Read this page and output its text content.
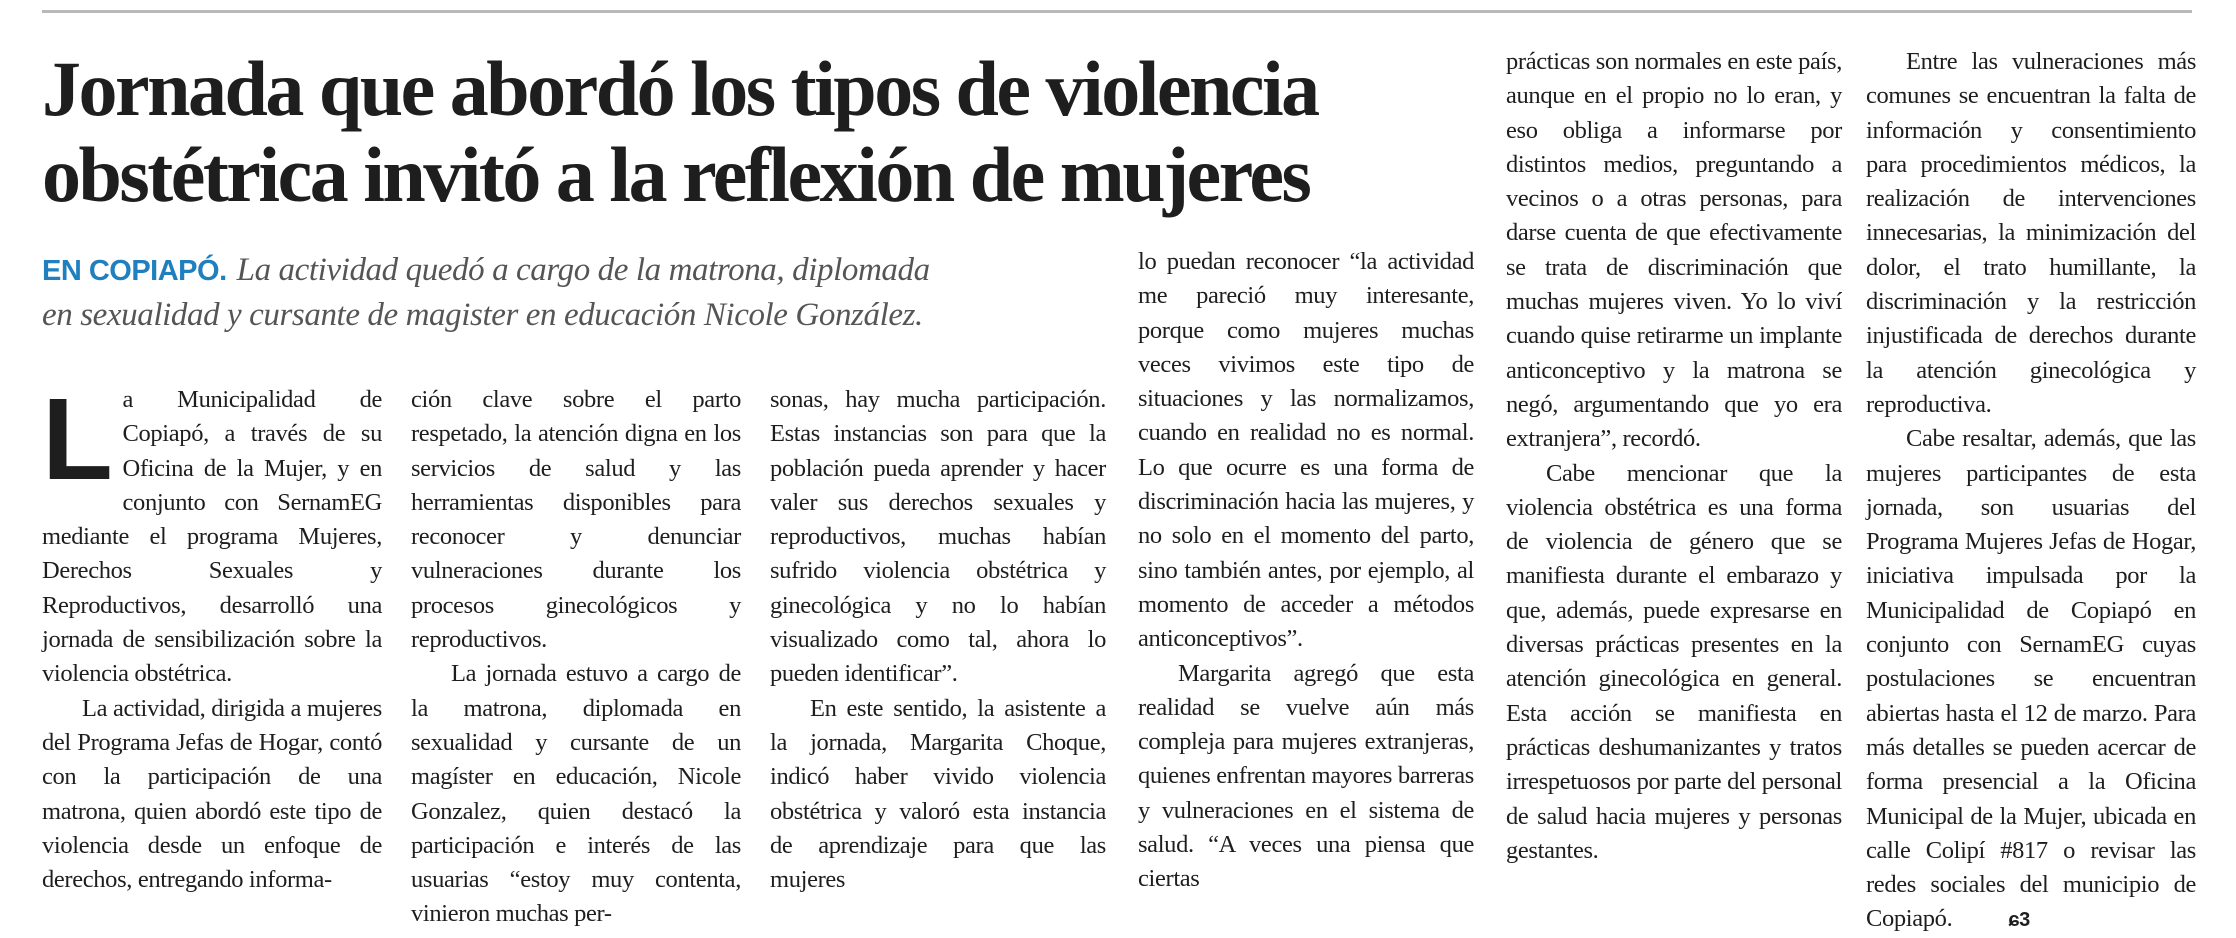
Jornada que abordó los tipos de violencia
obstétrica invitó a la reflexión de mujeres

EN COPIAPÓ. La actividad quedó a cargo de la matrona, diplomada
en sexualidad y cursante de magister en educación Nicole González.

La Municipalidad de Copiapó, a través de su Oficina de la Mujer, y en conjunto con SernamEG mediante el programa Mujeres, Derechos Sexuales y Reproductivos, desarrolló una jornada de sensibilización sobre la violencia obstétrica.

La actividad, dirigida a mujeres del Programa Jefas de Hogar, contó con la participación de una matrona, quien abordó este tipo de violencia desde un enfoque de derechos, entregando informa-

ción clave sobre el parto respetado, la atención digna en los servicios de salud y las herramientas disponibles para reconocer y denunciar vulneraciones durante los procesos ginecológicos y reproductivos.

La jornada estuvo a cargo de la matrona, diplomada en sexualidad y cursante de un magíster en educación, Nicole Gonzalez, quien destacó la participación e interés de las usuarias “estoy muy contenta, vinieron muchas per-

sonas, hay mucha participación. Estas instancias son para que la población pueda aprender y hacer valer sus derechos sexuales y reproductivos, muchas habían sufrido violencia obstétrica y ginecológica y no lo habían visualizado como tal, ahora lo pueden identificar”.

En este sentido, la asistente a la jornada, Margarita Choque, indicó haber vivido violencia obstétrica y valoró esta instancia de aprendizaje para que las mujeres

lo puedan reconocer “la actividad me pareció muy interesante, porque como mujeres muchas veces vivimos este tipo de situaciones y las normalizamos, cuando en realidad no es normal. Lo que ocurre es una forma de discriminación hacia las mujeres, y no solo en el momento del parto, sino también antes, por ejemplo, al momento de acceder a métodos anticonceptivos”.

Margarita agregó que esta realidad se vuelve aún más compleja para mujeres extranjeras, quienes enfrentan mayores barreras y vulneraciones en el sistema de salud. “A veces una piensa que ciertas

prácticas son normales en este país, aunque en el propio no lo eran, y eso obliga a informarse por distintos medios, preguntando a vecinos o a otras personas, para darse cuenta de que efectivamente se trata de discriminación que muchas mujeres viven. Yo lo viví cuando quise retirarme un implante anticonceptivo y la matrona se negó, argumentando que yo era extranjera”, recordó.

Cabe mencionar que la violencia obstétrica es una forma de violencia de género que se manifiesta durante el embarazo y que, además, puede expresarse en diversas prácticas presentes en la atención ginecológica en general. Esta acción se manifiesta en prácticas deshumanizantes y tratos irrespetuosos por parte del personal de salud hacia mujeres y personas gestantes.

Entre las vulneraciones más comunes se encuentran la falta de información y consentimiento para procedimientos médicos, la realización de intervenciones innecesarias, la minimización del dolor, el trato humillante, la discriminación y la restricción injustificada de derechos durante la atención ginecológica y reproductiva.

Cabe resaltar, además, que las mujeres participantes de esta jornada, son usuarias del Programa Mujeres Jefas de Hogar, iniciativa impulsada por la Municipalidad de Copiapó en conjunto con SernamEG cuyas postulaciones se encuentran abiertas hasta el 12 de marzo. Para más detalles se pueden acercar de forma presencial a la Oficina Municipal de la Mujer, ubicada en calle Colipí #817 o revisar las redes sociales del municipio de Copiapó.	ɕ3
